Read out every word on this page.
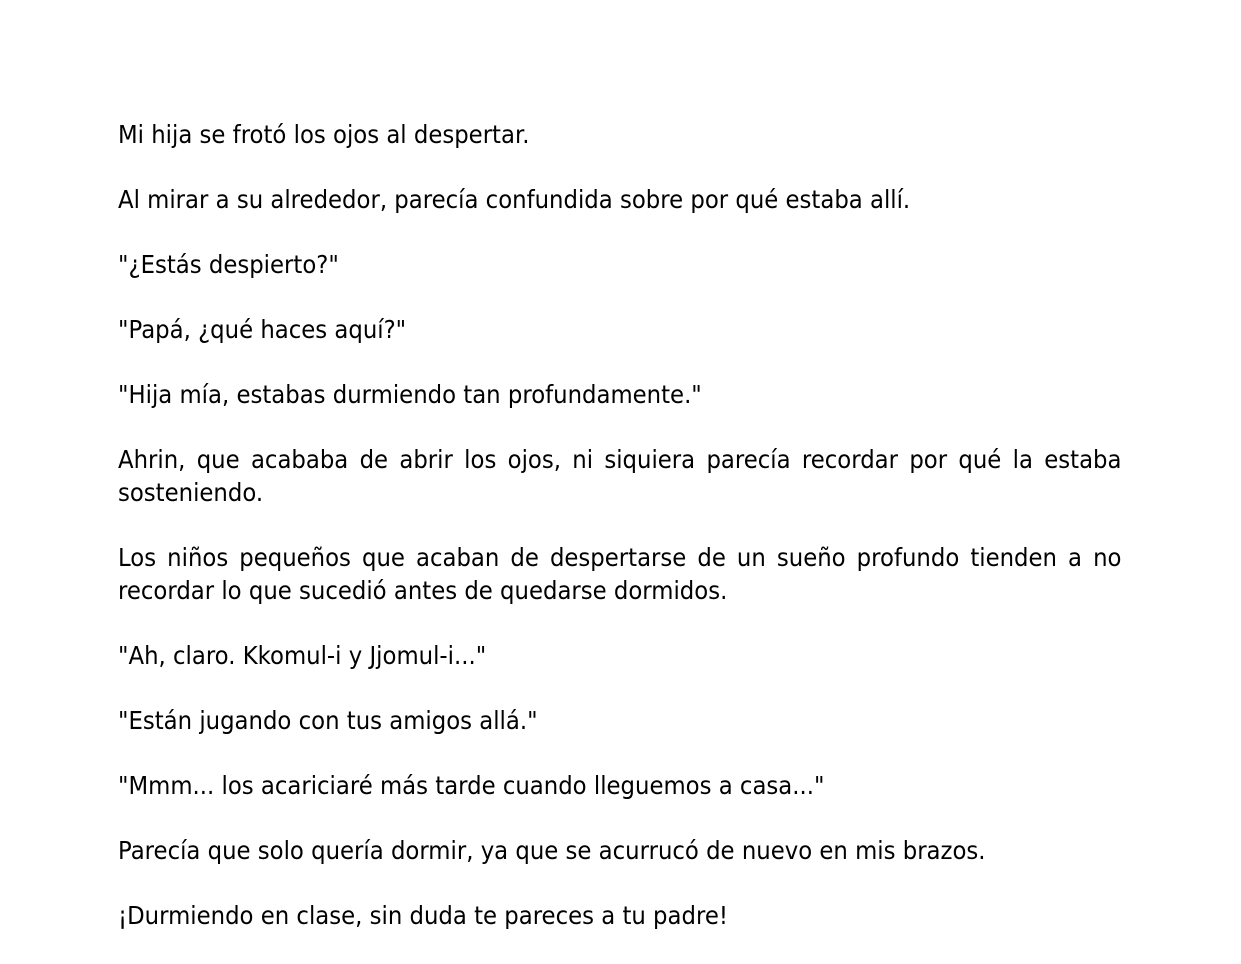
Mi hija se frotó los ojos al despertar.

Al mirar a su alrededor, parecía confundida sobre por qué estaba allí.

"¿Estás despierto?"

"Papá, ¿qué haces aquí?"

"Hija mía, estabas durmiendo tan profundamente."

Ahrin, que acababa de abrir los ojos, ni siquiera parecía recordar por qué la estaba sosteniendo.

Los niños pequeños que acaban de despertarse de un sueño profundo tienden a no recordar lo que sucedió antes de quedarse dormidos.

"Ah, claro. Kkomul-i y Jjomul-i..."

"Están jugando con tus amigos allá."

"Mmm... los acariciaré más tarde cuando lleguemos a casa..."

Parecía que solo quería dormir, ya que se acurrucó de nuevo en mis brazos.

¡Durmiendo en clase, sin duda te pareces a tu padre!
